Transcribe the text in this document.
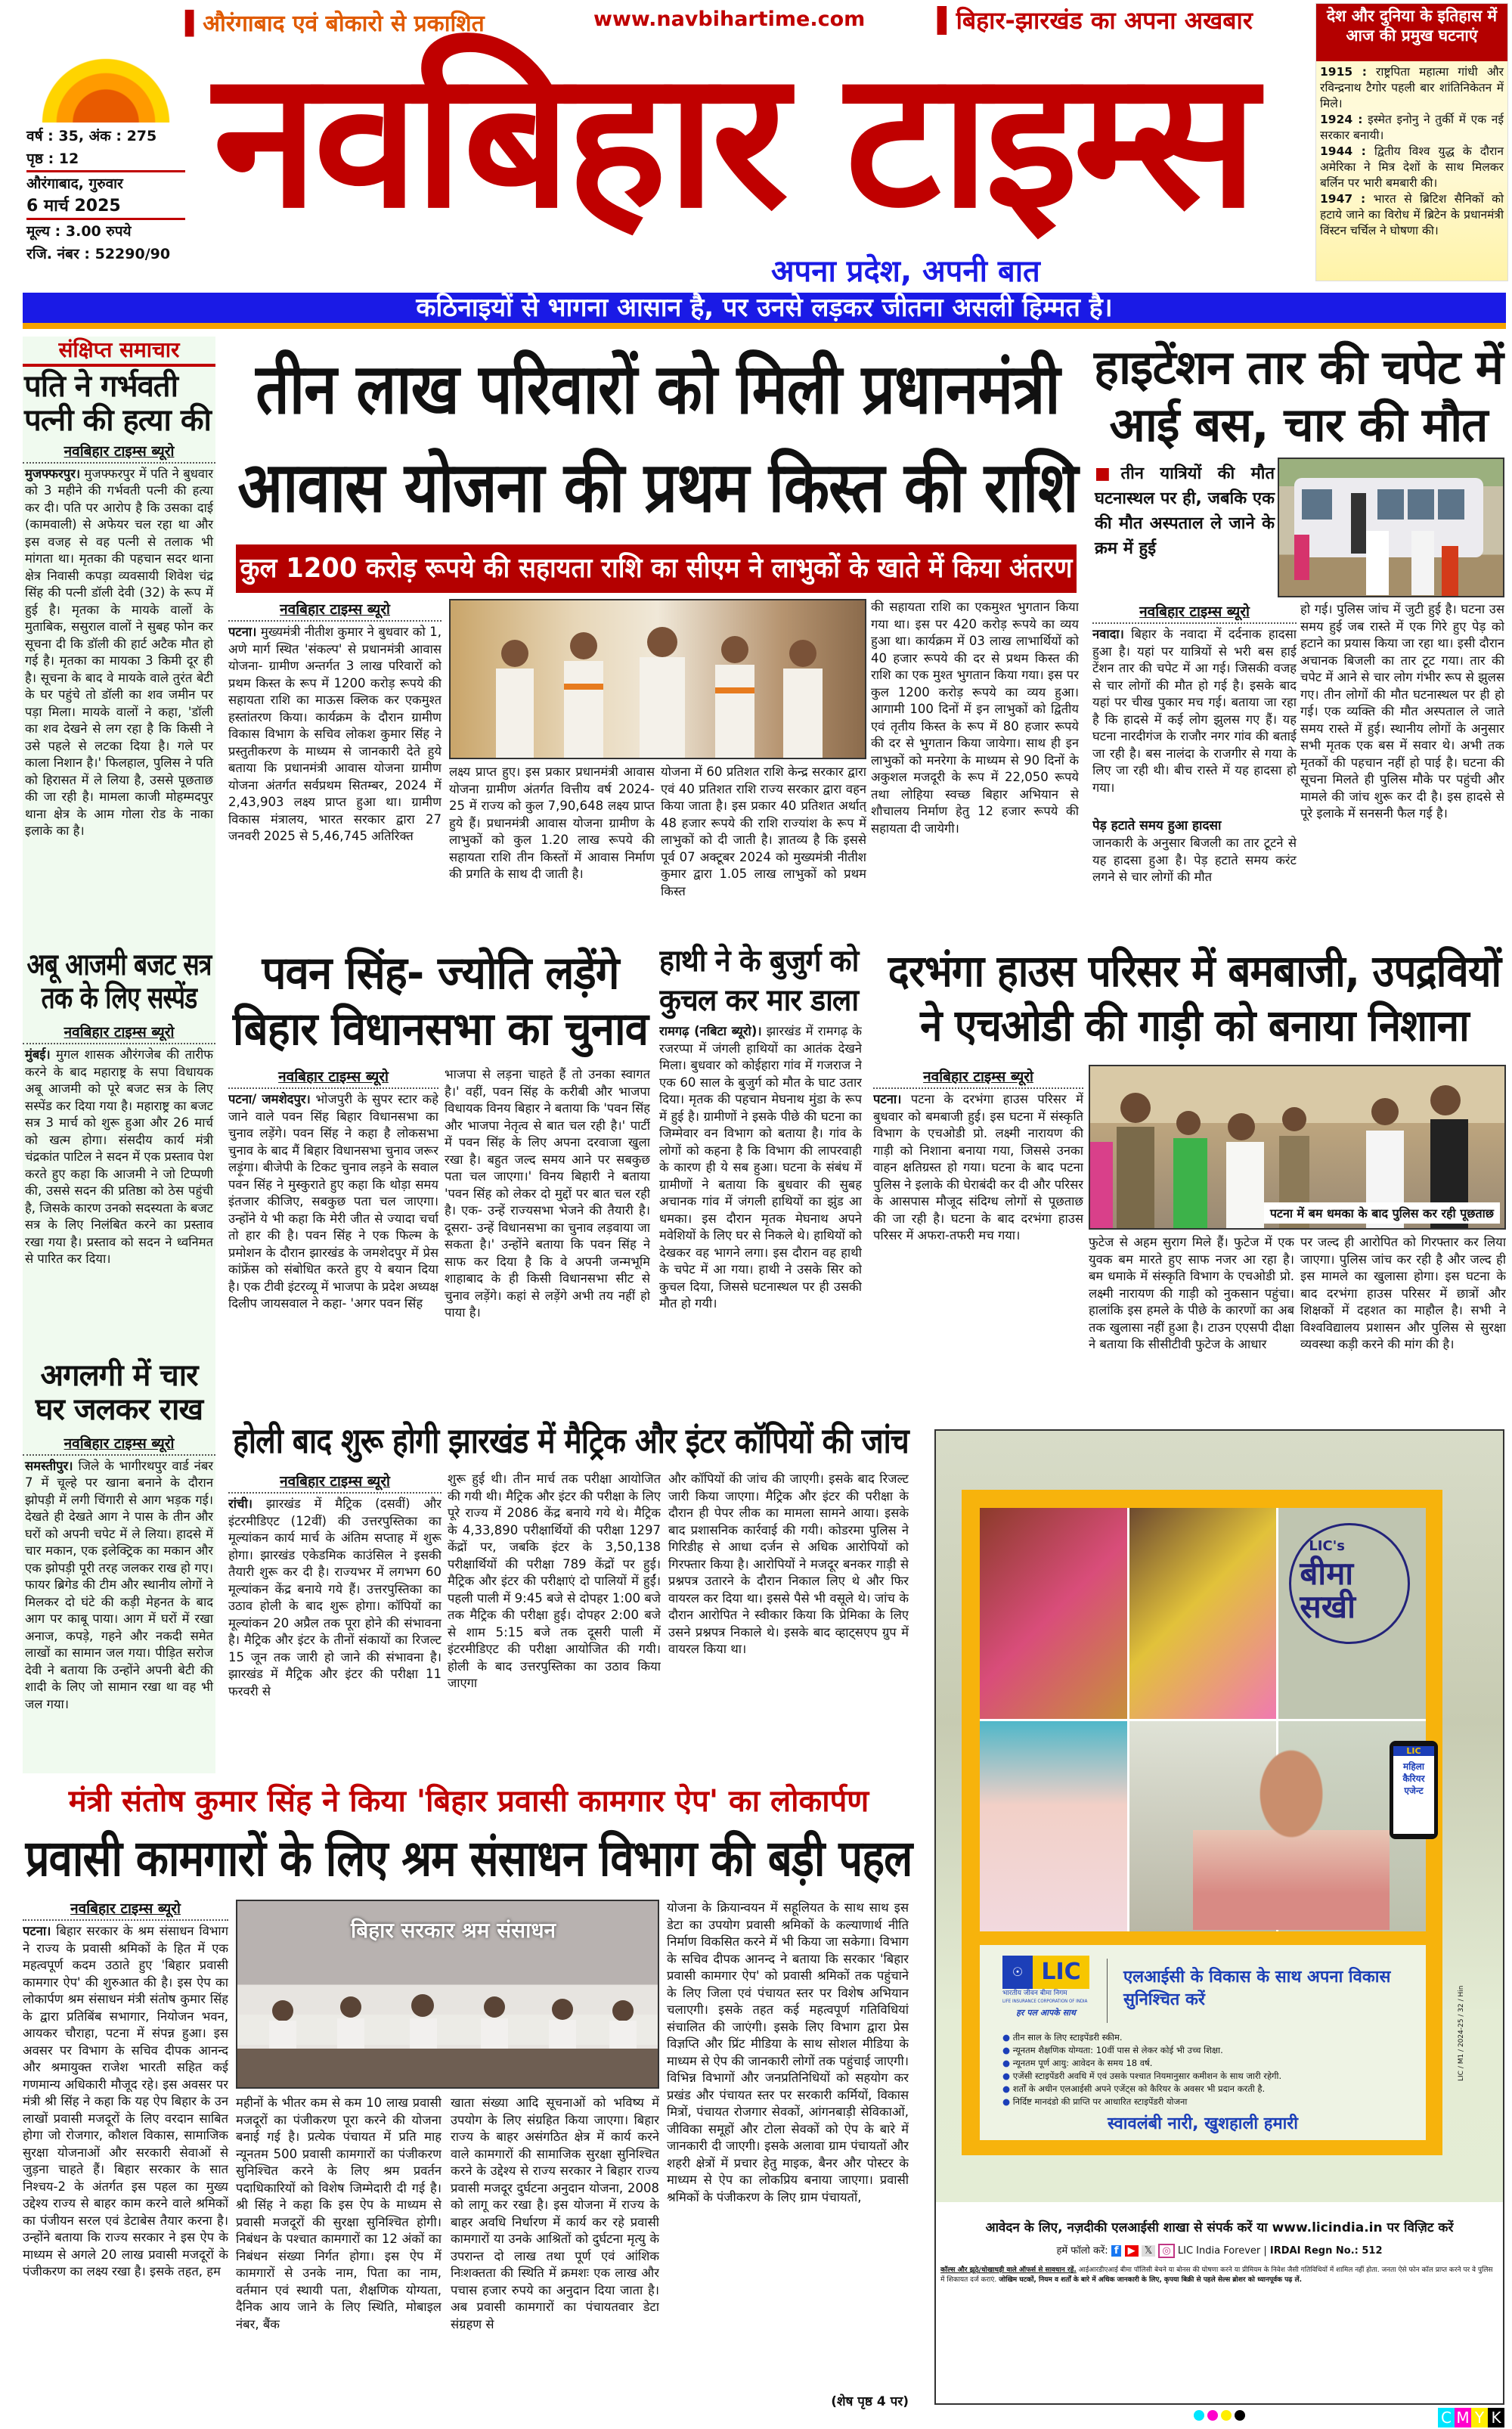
▌औरंगाबाद एवं बोकारो से प्रकाशित	www.navbihartime.com	▌बिहार-झारखंड का अपना अखबार
वर्ष : 35, अंक : 275
पृष्ठ : 12
औरंगाबाद, गुरुवार
6 मार्च 2025
मूल्य : 3.00 रुपये
रजि. नंबर : 52290/90
नवबिहार टाइम्स
अपना प्रदेश, अपनी बात
देश और दुनिया के इतिहास में आज की प्रमुख घटनाएं
1915 : राष्ट्रपिता महात्मा गांधी और रविन्द्रनाथ टैगोर पहली बार शांतिनिकेतन में मिले।
1924 : इस्मेत इनोनु ने तुर्की में एक नई सरकार बनायी।
1944 : द्वितीय विश्व युद्ध के दौरान अमेरिका ने मित्र देशों के साथ मिलकर बर्लिन पर भारी बमबारी की।
1947 : भारत से ब्रिटिश सैनिकों को हटाये जाने का विरोध में ब्रिटेन के प्रधानमंत्री विंस्टन चर्चिल ने घोषणा की।
कठिनाइयों से भागना आसान है, पर उनसे लड़कर जीतना असली हिम्मत है।
संक्षिप्त समाचार
पति ने गर्भवती पत्नी की हत्या की
नवबिहार टाइम्स ब्यूरो
मुजफ्फरपुर। मुजफ्फरपुर में पति ने बुधवार को 3 महीने की गर्भवती पत्नी की हत्या कर दी। पति पर आरोप है कि उसका दाई (कामवाली) से अफेयर चल रहा था और इस वजह से वह पत्नी से तलाक भी मांगता था। मृतका की पहचान सदर थाना क्षेत्र निवासी कपड़ा व्यवसायी शिवेश चंद्र सिंह की पत्नी डॉली देवी (32) के रूप में हुई है। मृतका के मायके वालों के मुताबिक, ससुराल वालों ने सुबह फोन कर सूचना दी कि डॉली की हार्ट अटैक मौत हो गई है। मृतका का मायका 3 किमी दूर ही है। सूचना के बाद वे मायके वाले तुरंत बेटी के घर पहुंचे तो डॉली का शव जमीन पर पड़ा मिला। मायके वालों ने कहा, 'डॉली का शव देखने से लग रहा है कि किसी ने उसे पहले से लटका दिया है। गले पर काला निशान है।' फिलहाल, पुलिस ने पति को हिरासत में ले लिया है, उससे पूछताछ की जा रही है। मामला काजी मोहम्मदपुर थाना क्षेत्र के आम गोला रोड के नाका इलाके का है।
अबू आजमी बजट सत्र तक के लिए सस्पेंड
नवबिहार टाइम्स ब्यूरो
मुंबई। मुगल शासक औरंगजेब की तारीफ करने के बाद महाराष्ट्र के सपा विधायक अबू आजमी को पूरे बजट सत्र के लिए सस्पेंड कर दिया गया है। महाराष्ट्र का बजट सत्र 3 मार्च को शुरू हुआ और 26 मार्च को खत्म होगा। संसदीय कार्य मंत्री चंद्रकांत पाटिल ने सदन में एक प्रस्ताव पेश करते हुए कहा कि आजमी ने जो टिप्पणी की, उससे सदन की प्रतिष्ठा को ठेस पहुंची है, जिसके कारण उनको सदस्यता के बजट सत्र के लिए निलंबित करने का प्रस्ताव रखा गया है। प्रस्ताव को सदन ने ध्वनिमत से पारित कर दिया।
अगलगी में चार घर जलकर राख
नवबिहार टाइम्स ब्यूरो
समस्तीपुर। जिले के भागीरथपुर वार्ड नंबर 7 में चूल्हे पर खाना बनाने के दौरान झोपड़ी में लगी चिंगारी से आग भड़क गई। देखते ही देखते आग ने पास के तीन और घरों को अपनी चपेट में ले लिया। हादसे में चार मकान, एक इलेक्ट्रिक का मकान और एक झोपड़ी पूरी तरह जलकर राख हो गए। फायर ब्रिगेड की टीम और स्थानीय लोगों ने मिलकर दो घंटे की कड़ी मेहनत के बाद आग पर काबू पाया। आग में घरों में रखा अनाज, कपड़े, गहने और नकदी समेत लाखों का सामान जल गया। पीड़ित सरोज देवी ने बताया कि उन्होंने अपनी बेटी की शादी के लिए जो सामान रखा था वह भी जल गया।
तीन लाख परिवारों को मिली प्रधानमंत्री आवास योजना की प्रथम किस्त की राशि
कुल 1200 करोड़ रूपये की सहायता राशि का सीएम ने लाभुकों के खाते में किया अंतरण
नवबिहार टाइम्स ब्यूरो
पटना। मुख्यमंत्री नीतीश कुमार ने बुधवार को 1, अणे मार्ग स्थित 'संकल्प' से प्रधानमंत्री आवास योजना- ग्रामीण अन्तर्गत 3 लाख परिवारों को प्रथम किस्त के रूप में 1200 करोड़ रूपये की सहायता राशि का माऊस क्लिक कर एकमुश्त हस्तांतरण किया। कार्यक्रम के दौरान ग्रामीण विकास विभाग के सचिव लोकश कुमार सिंह ने प्रस्तुतीकरण के माध्यम से जानकारी देते हुये बताया कि प्रधानमंत्री आवास योजना ग्रामीण योजना अंतर्गत सर्वप्रथम सितम्बर, 2024 में 2,43,903 लक्ष्य प्राप्त हुआ था। ग्रामीण विकास मंत्रालय, भारत सरकार द्वारा 27 जनवरी 2025 से 5,46,745 अतिरिक्त
लक्ष्य प्राप्त हुए। इस प्रकार प्रधानमंत्री आवास योजना ग्रामीण अंतर्गत वित्तीय वर्ष 2024-25 में राज्य को कुल 7,90,648 लक्ष्य प्राप्त हुये हैं। प्रधानमंत्री आवास योजना ग्रामीण के लाभुकों को कुल 1.20 लाख रूपये की सहायता राशि तीन किस्तों में आवास निर्माण की प्रगति के साथ दी जाती है।
योजना में 60 प्रतिशत राशि केन्द्र सरकार द्वारा एवं 40 प्रतिशत राशि राज्य सरकार द्वारा वहन किया जाता है। इस प्रकार 40 प्रतिशत अर्थात् 48 हजार रूपये की राशि राज्यांश के रूप में लाभुकों को दी जाती है। ज्ञातव्य है कि इससे पूर्व 07 अक्टूबर 2024 को मुख्यमंत्री नीतीश कुमार द्वारा 1.05 लाख लाभुकों को प्रथम किस्त
की सहायता राशि का एकमुश्त भुगतान किया गया था। इस पर 420 करोड़ रूपये का व्यय हुआ था। कार्यक्रम में 03 लाख लाभार्थियों को 40 हजार रूपये की दर से प्रथम किस्त की राशि का एक मुश्त भुगतान किया गया। इस पर कुल 1200 करोड़ रूपये का व्यय हुआ। आगामी 100 दिनों में इन लाभुकों को द्वितीय एवं तृतीय किस्त के रूप में 80 हजार रूपये की दर से भुगतान किया जायेगा। साथ ही इन लाभुकों को मनरेगा के माध्यम से 90 दिनों के अकुशल मजदूरी के रूप में 22,050 रूपये तथा लोहिया स्वच्छ बिहार अभियान से शौचालय निर्माण हेतु 12 हजार रूपये की सहायता दी जायेगी।
हाइटेंशन तार की चपेट में आई बस, चार की मौत
■तीन यात्रियों की मौत घटनास्थल पर ही, जबकि एक की मौत अस्पताल ले जाने के क्रम में हुई
नवबिहार टाइम्स ब्यूरो
नवादा। बिहार के नवादा में दर्दनाक हादसा हुआ है। यहां पर यात्रियों से भरी बस हाई टेंशन तार की चपेट में आ गई। जिसकी वजह से चार लोगों की मौत हो गई है। इसके बाद यहां पर चीख पुकार मच गई। बताया जा रहा है कि हादसे में कई लोग झुलस गए हैं। यह घटना नारदीगंज के राजौर नगर गांव की बताई जा रही है। बस नालंदा के राजगीर से गया के लिए जा रही थी। बीच रास्ते में यह हादसा हो गया।
पेड़ हटाते समय हुआ हादसा
जानकारी के अनुसार बिजली का तार टूटने से यह हादसा हुआ है। पेड़ हटाते समय करंट लगने से चार लोगों की मौत
हो गई। पुलिस जांच में जुटी हुई है। घटना उस समय हुई जब रास्ते में एक गिरे हुए पेड़ को हटाने का प्रयास किया जा रहा था। इसी दौरान अचानक बिजली का तार टूट गया। तार की चपेट में आने से चार लोग गंभीर रूप से झुलस गए। तीन लोगों की मौत घटनास्थल पर ही हो गई। एक व्यक्ति की मौत अस्पताल ले जाते समय रास्ते में हुई। स्थानीय लोगों के अनुसार सभी मृतक एक बस में सवार थे। अभी तक मृतकों की पहचान नहीं हो पाई है। घटना की सूचना मिलते ही पुलिस मौके पर पहुंची और मामले की जांच शुरू कर दी है। इस हादसे से पूरे इलाके में सनसनी फैल गई है।
पवन सिंह- ज्योति लड़ेंगे बिहार विधानसभा का चुनाव
नवबिहार टाइम्स ब्यूरो
पटना/ जमशेदपुर। भोजपुरी के सुपर स्टार कहे जाने वाले पवन सिंह बिहार विधानसभा का चुनाव लड़ेंगे। पवन सिंह ने कहा है लोकसभा चुनाव के बाद मैं बिहार विधानसभा चुनाव जरूर लड़ूंगा। बीजेपी के टिकट चुनाव लड़ने के सवाल पवन सिंह ने मुस्कुराते हुए कहा कि थोड़ा समय इंतजार कीजिए, सबकुछ पता चल जाएगा। उन्होंने ये भी कहा कि मेरी जीत से ज्यादा चर्चा तो हार की है। पवन सिंह ने एक फिल्म के प्रमोशन के दौरान झारखंड के जमशेदपुर में प्रेस कांफ्रेंस को संबोधित करते हुए ये बयान दिया है। एक टीवी इंटरव्यू में भाजपा के प्रदेश अध्यक्ष दिलीप जायसवाल ने कहा- 'अगर पवन सिंह
भाजपा से लड़ना चाहते हैं तो उनका स्वागत है।' वहीं, पवन सिंह के करीबी और भाजपा विधायक विनय बिहार ने बताया कि 'पवन सिंह और भाजपा नेतृत्व से बात चल रही है।' पार्टी में पवन सिंह के लिए अपना दरवाजा खुला रखा है। बहुत जल्द समय आने पर सबकुछ पता चल जाएगा।' विनय बिहारी ने बताया 'पवन सिंह को लेकर दो मुद्दों पर बात चल रही है। एक- उन्हें राज्यसभा भेजने की तैयारी है। दूसरा- उन्हें विधानसभा का चुनाव लड़वाया जा सकता है।' उन्होंने बताया कि पवन सिंह ने साफ कर दिया है कि वे अपनी जन्मभूमि शाहाबाद के ही किसी विधानसभा सीट से चुनाव लड़ेंगे। कहां से लड़ेंगे अभी तय नहीं हो पाया है।
हाथी ने के बुजुर्ग को कुचल कर मार डाला
रामगढ़ (नबिटा ब्यूरो)। झारखंड में रामगढ़ के रजरप्पा में जंगली हाथियों का आतंक देखने मिला। बुधवार को कोईहारा गांव में गजराज ने एक 60 साल के बुजुर्ग को मौत के घाट उतार दिया। मृतक की पहचान मेघनाथ मुंडा के रूप में हुई है। ग्रामीणों ने इसके पीछे की घटना का जिम्मेवार वन विभाग को बताया है। गांव के लोगों को कहना है कि विभाग की लापरवाही के कारण ही ये सब हुआ। घटना के संबंध में ग्रामीणों ने बताया कि बुधवार की सुबह अचानक गांव में जंगली हाथियों का झुंड आ धमका। इस दौरान मृतक मेघनाथ अपने मवेशियों के लिए घर से निकले थे। हाथियों को देखकर वह भागने लगा। इस दौरान वह हाथी के चपेट में आ गया। हाथी ने उसके सिर को कुचल दिया, जिससे घटनास्थल पर ही उसकी मौत हो गयी।
दरभंगा हाउस परिसर में बमबाजी, उपद्रवियों ने एचओडी की गाड़ी को बनाया निशाना
नवबिहार टाइम्स ब्यूरो
पटना। पटना के दरभंगा हाउस परिसर में बुधवार को बमबाजी हुई। इस घटना में संस्कृति विभाग के एचओडी प्रो. लक्ष्मी नारायण की गाड़ी को निशाना बनाया गया, जिससे उनका वाहन क्षतिग्रस्त हो गया। घटना के बाद पटना पुलिस ने इलाके की घेराबंदी कर दी और परिसर के आसपास मौजूद संदिग्ध लोगों से पूछताछ की जा रही है। घटना के बाद दरभंगा हाउस परिसर में अफरा-तफरी मच गया।
पटना में बम धमका के बाद पुलिस कर रही पूछताछ
फुटेज से अहम सुराग मिले हैं। फुटेज में एक युवक बम मारते हुए साफ नजर आ रहा है। बम धमाके में संस्कृति विभाग के एचओडी प्रो. लक्ष्मी नारायण की गाड़ी को नुकसान पहुंचा। हालांकि इस हमले के पीछे के कारणों का अब तक खुलासा नहीं हुआ है। टाउन एएसपी दीक्षा ने बताया कि सीसीटीवी फुटेज के आधार
पर जल्द ही आरोपित को गिरफ्तार कर लिया जाएगा। पुलिस जांच कर रही है और जल्द ही इस मामले का खुलासा होगा। इस घटना के बाद दरभंगा हाउस परिसर में छात्रों और शिक्षकों में दहशत का माहौल है। सभी ने विश्वविद्यालय प्रशासन और पुलिस से सुरक्षा व्यवस्था कड़ी करने की मांग की है।
होली बाद शुरू होगी झारखंड में मैट्रिक और इंटर कॉपियों की जांच
नवबिहार टाइम्स ब्यूरो
रांची। झारखंड में मैट्रिक (दसवीं) और इंटरमीडिएट (12वीं) की उत्तरपुस्तिका का मूल्यांकन कार्य मार्च के अंतिम सप्ताह में शुरू होगा। झारखंड एकेडमिक काउंसिल ने इसकी तैयारी शुरू कर दी है। राज्यभर में लगभग 60 मूल्यांकन केंद्र बनाये गये हैं। उत्तरपुस्तिका का उठाव होली के बाद शुरू होगा। कॉपियों का मूल्यांकन 20 अप्रैल तक पूरा होने की संभावना है। मैट्रिक और इंटर के तीनों संकायों का रिजल्ट 15 जून तक जारी हो जाने की संभावना है। झारखंड में मैट्रिक और इंटर की परीक्षा 11 फरवरी से
शुरू हुई थी। तीन मार्च तक परीक्षा आयोजित की गयी थी। मैट्रिक और इंटर की परीक्षा के लिए पूरे राज्य में 2086 केंद्र बनाये गये थे। मैट्रिक के 4,33,890 परीक्षार्थियों की परीक्षा 1297 केंद्रों पर, जबकि इंटर के 3,50,138 परीक्षार्थियों की परीक्षा 789 केंद्रों पर हुई। मैट्रिक और इंटर की परीक्षाएं दो पालियों में हुईं। पहली पाली में 9:45 बजे से दोपहर 1:00 बजे तक मैट्रिक की परीक्षा हुई। दोपहर 2:00 बजे से शाम 5:15 बजे तक दूसरी पाली में इंटरमीडिएट की परीक्षा आयोजित की गयी। होली के बाद उत्तरपुस्तिका का उठाव किया जाएगा
और कॉपियों की जांच की जाएगी। इसके बाद रिजल्ट जारी किया जाएगा। मैट्रिक और इंटर की परीक्षा के दौरान ही पेपर लीक का मामला सामने आया। इसके बाद प्रशासनिक कार्रवाई की गयी। कोडरमा पुलिस ने गिरिडीह से आधा दर्जन से अधिक आरोपियों को गिरफ्तार किया है। आरोपियों ने मजदूर बनकर गाड़ी से प्रश्नपत्र उतारने के दौरान निकाल लिए थे और फिर वायरल कर दिया था। इससे पैसे भी वसूले थे। जांच के दौरान आरोपित ने स्वीकार किया कि प्रेमिका के लिए उसने प्रश्नपत्र निकाले थे। इसके बाद व्हाट्सएप ग्रुप में वायरल किया था।
मंत्री संतोष कुमार सिंह ने किया 'बिहार प्रवासी कामगार ऐप' का लोकार्पण
प्रवासी कामगारों के लिए श्रम संसाधन विभाग की बड़ी पहल
नवबिहार टाइम्स ब्यूरो
पटना। बिहार सरकार के श्रम संसाधन विभाग ने राज्य के प्रवासी श्रमिकों के हित में एक महत्वपूर्ण कदम उठाते हुए 'बिहार प्रवासी कामगार ऐप' की शुरुआत की है। इस ऐप का लोकार्पण श्रम संसाधन मंत्री संतोष कुमार सिंह के द्वारा प्रतिबिंब सभागार, नियोजन भवन, आयकर चौराहा, पटना में संपन्न हुआ। इस अवसर पर विभाग के सचिव दीपक आनन्द और श्रमायुक्त राजेश भारती सहित कई गणमान्य अधिकारी मौजूद रहे। इस अवसर पर मंत्री श्री सिंह ने कहा कि यह ऐप बिहार के उन लाखों प्रवासी मजदूरों के लिए वरदान साबित होगा जो रोजगार, कौशल विकास, सामाजिक सुरक्षा योजनाओं और सरकारी सेवाओं से जुड़ना चाहते हैं। बिहार सरकार के सात निश्चय-2 के अंतर्गत इस पहल का मुख्य उद्देश्य राज्य से बाहर काम करने वाले श्रमिकों का पंजीयन सरल एवं डेटाबेस तैयार करना है। उन्होंने बताया कि राज्य सरकार ने इस ऐप के माध्यम से अगले 20 लाख प्रवासी मजदूरों के पंजीकरण का लक्ष्य रखा है। इसके तहत, हम
बिहार सरकार श्रम संसाधन
महीनों के भीतर कम से कम 10 लाख प्रवासी मजदूरों का पंजीकरण पूरा करने की योजना बनाई गई है। प्रत्येक पंचायत में प्रति माह न्यूनतम 500 प्रवासी कामगारों का पंजीकरण सुनिश्चित करने के लिए श्रम प्रवर्तन पदाधिकारियों को विशेष जिम्मेदारी दी गई है। श्री सिंह ने कहा कि इस ऐप के माध्यम से प्रवासी मजदूरों की सुरक्षा सुनिश्चित होगी। निबंधन के पश्चात कामगारों का 12 अंकों का निबंधन संख्या निर्गत होगा। इस ऐप में कामगारों से उनके नाम, पिता का नाम, वर्तमान एवं स्थायी पता, शैक्षणिक योग्यता, दैनिक आय जाने के लिए स्थिति, मोबाइल नंबर, बैंक
खाता संख्या आदि सूचनाओं को भविष्य में उपयोग के लिए संग्रहित किया जाएगा। बिहार राज्य के बाहर असंगठित क्षेत्र में कार्य करने वाले कामगारों की सामाजिक सुरक्षा सुनिश्चित करने के उद्देश्य से राज्य सरकार ने बिहार राज्य प्रवासी मजदूर दुर्घटना अनुदान योजना, 2008 को लागू कर रखा है। इस योजना में राज्य के बाहर अवधि निर्धारण में कार्य कर रहे प्रवासी कामगारों या उनके आश्रितों को दुर्घटना मृत्यु के उपरान्त दो लाख तथा पूर्ण एवं आंशिक निःशक्तता की स्थिति में क्रमशः एक लाख और पचास हजार रुपये का अनुदान दिया जाता है। अब प्रवासी कामगारों का पंचायतवार डेटा संग्रहण से
योजना के क्रियान्वयन में सहूलियत के साथ साथ इस डेटा का उपयोग प्रवासी श्रमिकों के कल्याणार्थ नीति निर्माण विकसित करने में भी किया जा सकेगा। विभाग के सचिव दीपक आनन्द ने बताया कि सरकार 'बिहार प्रवासी कामगार ऐप' को प्रवासी श्रमिकों तक पहुंचाने के लिए जिला एवं पंचायत स्तर पर विशेष अभियान चलाएगी। इसके तहत कई महत्वपूर्ण गतिविधियां संचालित की जाएंगी। इसके लिए विभाग द्वारा प्रेस विज्ञप्ति और प्रिंट मीडिया के साथ सोशल मीडिया के माध्यम से ऐप की जानकारी लोगों तक पहुंचाई जाएगी। विभिन्न विभागों और जनप्रतिनिधियों को सहयोग कर प्रखंड और पंचायत स्तर पर सरकारी कर्मियों, विकास मित्रों, पंचायत रोजगार सेवकों, आंगनबाड़ी सेविकाओं, जीविका समूहों और टोला सेवकों को ऐप के बारे में जानकारी दी जाएगी। इसके अलावा ग्राम पंचायतों और शहरी क्षेत्रों में प्रचार हेतु माइक, बैनर और पोस्टर के माध्यम से ऐप का लोकप्रिय बनाया जाएगा। प्रवासी श्रमिकों के पंजीकरण के लिए ग्राम पंचायतों,
(शेष पृष्ठ 4 पर)
LIC's
बीमा सखी
LIC
महिला कैरियर एजेन्ट
☉ LIC
भारतीय जीवन बीमा निगम
LIFE INSURANCE CORPORATION OF INDIA
हर पल आपके साथ
एलआईसी के विकास के साथ अपना विकास सुनिश्चित करें
● तीन साल के लिए स्टाइपेंडरी स्कीम.
● न्यूनतम शैक्षणिक योग्यता: 10वीं पास से लेकर कोई भी उच्च शिक्षा.
● न्यूनतम पूर्ण आयु: आवेदन के समय 18 वर्ष.
● एजेंसी स्टाइपेंडरी अवधि में एवं उसके पश्चात नियमानुसार कमीशन के साथ जारी रहेगी.
● शर्तों के अधीन एलआईसी अपने एजेंट्स को कैरियर के अवसर भी प्रदान करती है.
● निर्दिष्ट मानदंडो की प्राप्ति पर आधारित स्टाइपेंडरी योजना
स्वावलंबी नारी, खुशहाली हमारी
LIC / M1 / 2024-25 / 32 / Hin
आवेदन के लिए, नज़दीकी एलआईसी शाखा से संपर्क करें या www.licindia.in पर विज़िट करें
हमें फॉलो करें: f ▶ 𝕏 ◎ LIC India Forever | IRDAI Regn No.: 512
कॉल्स और झूठे/धोखाधड़ी वाले ऑफर्स से सावधान रहें. आईआरडीएआई बीमा पॉलिसी बेचने या बोनस की घोषणा करने या प्रीमियम के निवेश जैसी गतिविधियों में शामिल नहीं होता. जनता ऐसे फोन कॉल प्राप्त करने पर वे पुलिस में शिकायत दर्ज कराएं. जोखिम घटकों, नियम व शर्तों के बारे में अधिक जानकारी के लिए, कृपया बिक्री से पहले सेल्स ब्रोशर को ध्यानपूर्वक पढ़ लें.
C M Y K
